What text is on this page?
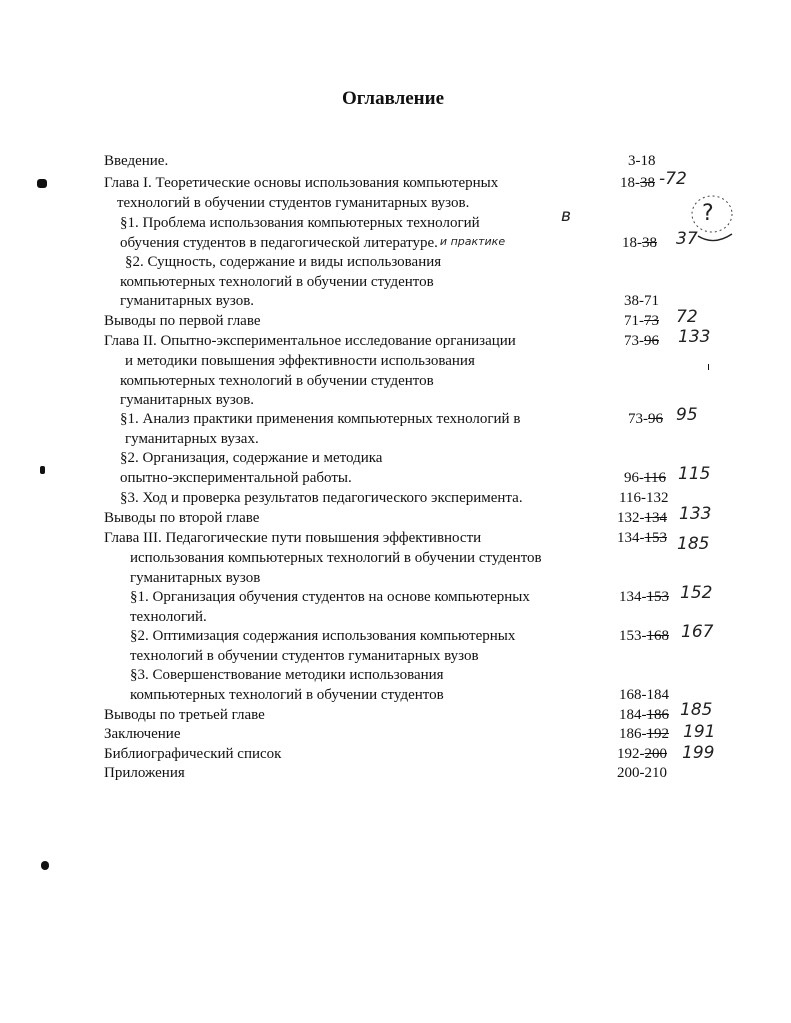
Оглавление
Введение.	3-18
Глава I. Теоретические основы использования компьютерных
технологий в обучении студентов гуманитарных вузов.
18-38 -72
§1. Проблема использования компьютерных технологий	в
обучения студентов в педагогической литературе. и практике	18-38 37
?
§2. Сущность, содержание и виды использования
компьютерных технологий в обучении студентов
гуманитарных вузов.	38-71
Выводы по первой главе	71-73 72
Глава II. Опытно-экспериментальное исследование организации
и методики повышения эффективности использования
компьютерных технологий в обучении студентов
гуманитарных вузов.
73-96 133
§1. Анализ практики применения компьютерных технологий в
гуманитарных вузах.
73-96 95
§2. Организация, содержание и методика
опытно-экспериментальной работы.	96-116 115
§3. Ход и проверка результатов педагогического эксперимента.	116-132
Выводы по второй главе	132-134 133
Глава III. Педагогические пути повышения эффективности
использования компьютерных технологий в обучении студентов
гуманитарных вузов
134-153 185
§1. Организация обучения студентов на основе компьютерных
технологий.
134-153 152
§2. Оптимизация содержания использования компьютерных
технологий в обучении студентов гуманитарных вузов
153-168 167
§3. Совершенствование методики использования
компьютерных технологий в обучении студентов	168-184
Выводы по третьей главе	184-186 185
Заключение	186-192 191
Библиографический список	192-200 199
Приложения	200-210
